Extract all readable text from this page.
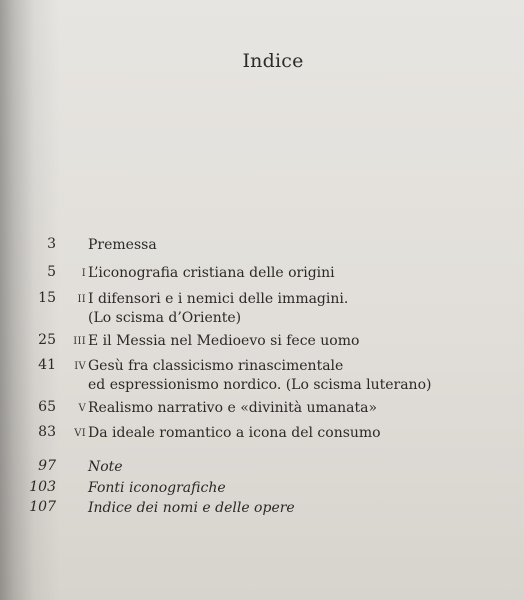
Indice
3 Premessa
5	I L’iconografia cristiana delle origini
15	II I difensori e i nemici delle immagini.
(Lo scisma d’Oriente)
25	III E il Messia nel Medioevo si fece uomo
41	IV Gesù fra classicismo rinascimentale
ed espressionismo nordico. (Lo scisma luterano)
65	V Realismo narrativo e «divinità umanata»
83	VI Da ideale romantico a icona del consumo
97 Note
103 Fonti iconografiche
107 Indice dei nomi e delle opere
